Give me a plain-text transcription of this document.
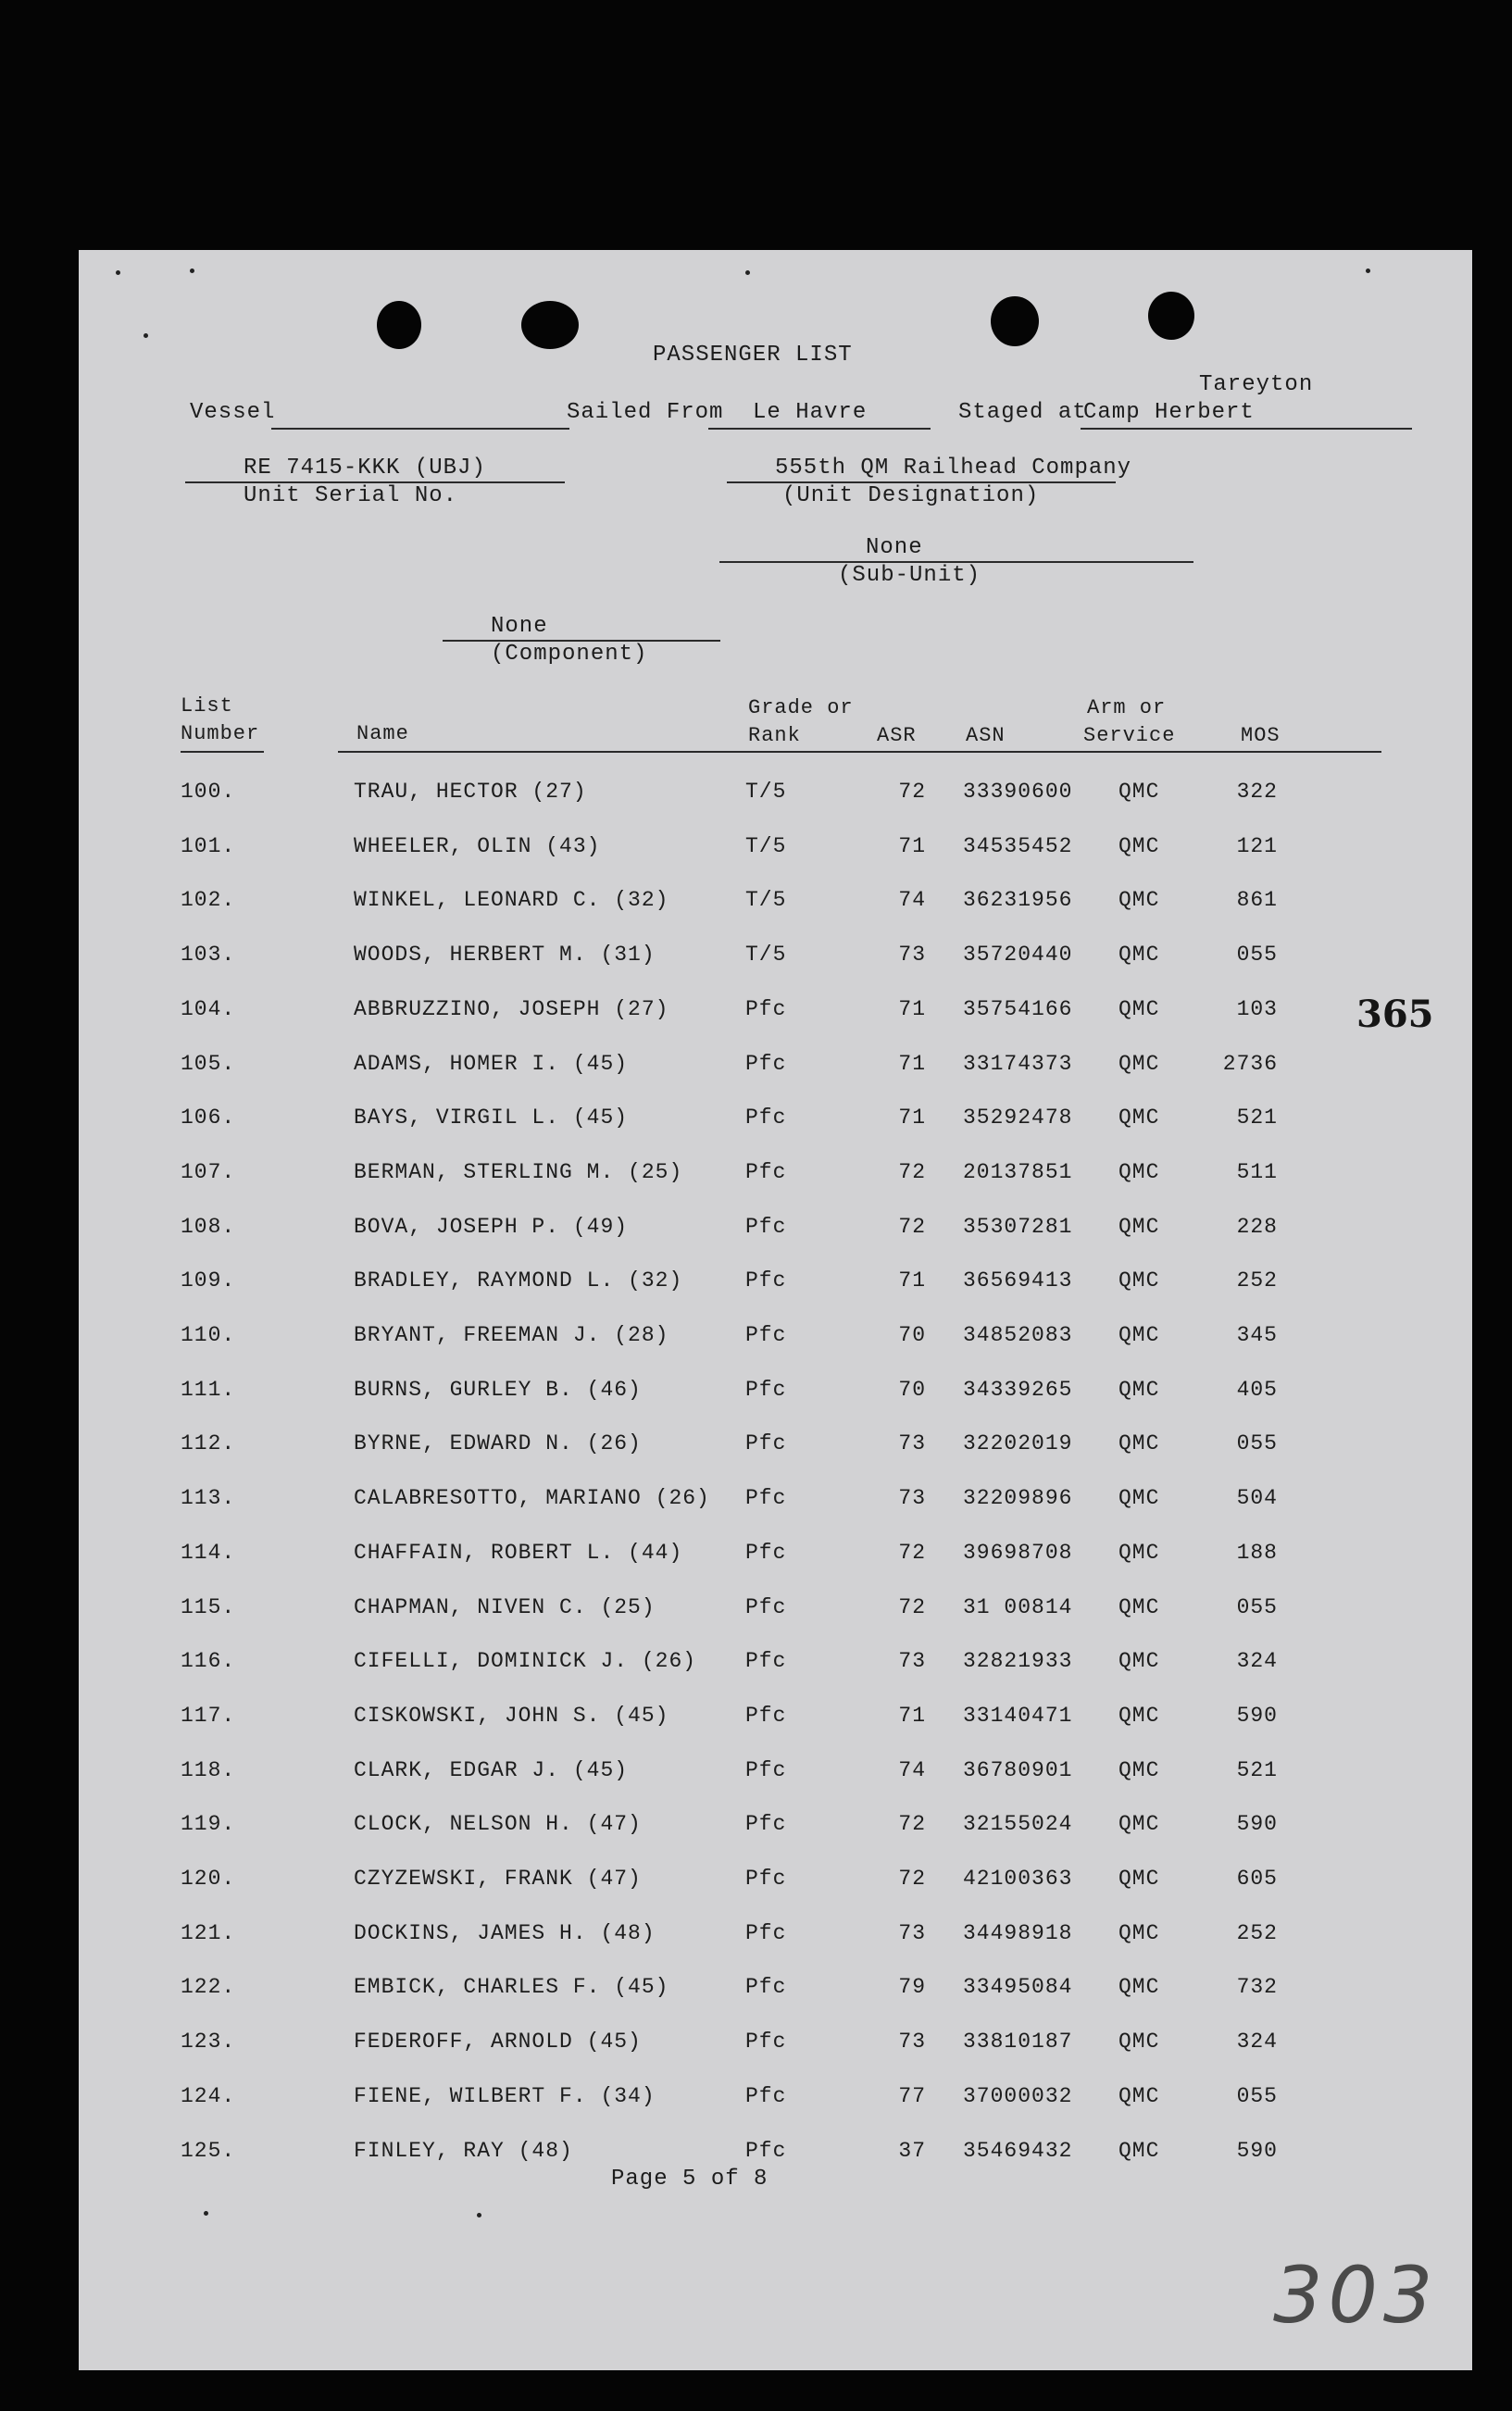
PASSENGER LIST
Vessel	Sailed From Le Havre	Staged at
Camp Herbert
Tareyton
RE 7415-KKK (UBJ)
Unit Serial No.
555th QM Railhead Company
(Unit Designation)
None
(Sub-Unit)
None
(Component)
List
Number	Name
Grade or
Rank	ASR ASN
Arm or
Service	MOS
100.	TRAU, HECTOR (27)	T/5	72 33390600 QMC	322
101.	WHEELER, OLIN (43)	T/5	71 34535452 QMC	121
102.	WINKEL, LEONARD C. (32)	T/5	74 36231956 QMC	861
103.	WOODS, HERBERT M. (31)	T/5	73 35720440 QMC	055
104.	ABBRUZZINO, JOSEPH (27)	Pfc	71 35754166 QMC	103
105.	ADAMS, HOMER I. (45)	Pfc	71 33174373 QMC	2736
106.	BAYS, VIRGIL L. (45)	Pfc	71 35292478 QMC	521
107.	BERMAN, STERLING M. (25)	Pfc	72 20137851 QMC	511
108.	BOVA, JOSEPH P. (49)	Pfc	72 35307281 QMC	228
109.	BRADLEY, RAYMOND L. (32)	Pfc	71 36569413 QMC	252
110.	BRYANT, FREEMAN J. (28)	Pfc	70 34852083 QMC	345
111.	BURNS, GURLEY B. (46)	Pfc	70 34339265 QMC	405
112.	BYRNE, EDWARD N. (26)	Pfc	73 32202019 QMC	055
113.	CALABRESOTTO, MARIANO (26) Pfc	73 32209896 QMC	504
114.	CHAFFAIN, ROBERT L. (44)	Pfc	72 39698708 QMC	188
115.	CHAPMAN, NIVEN C. (25)	Pfc	72 31 00814 QMC	055
116.	CIFELLI, DOMINICK J. (26) Pfc	73 32821933 QMC	324
117.	CISKOWSKI, JOHN S. (45)	Pfc	71 33140471 QMC	590
118.	CLARK, EDGAR J. (45)	Pfc	74 36780901 QMC	521
119.	CLOCK, NELSON H. (47)	Pfc	72 32155024 QMC	590
120.	CZYZEWSKI, FRANK (47)	Pfc	72 42100363 QMC	605
121.	DOCKINS, JAMES H. (48)	Pfc	73 34498918 QMC	252
122.	EMBICK, CHARLES F. (45)	Pfc	79 33495084 QMC	732
123.	FEDEROFF, ARNOLD (45)	Pfc	73 33810187 QMC	324
124.	FIENE, WILBERT F. (34)	Pfc	77 37000032 QMC	055
125.	FINLEY, RAY (48)	Pfc	37 35469432 QMC	590
365
Page 5 of 8
303
